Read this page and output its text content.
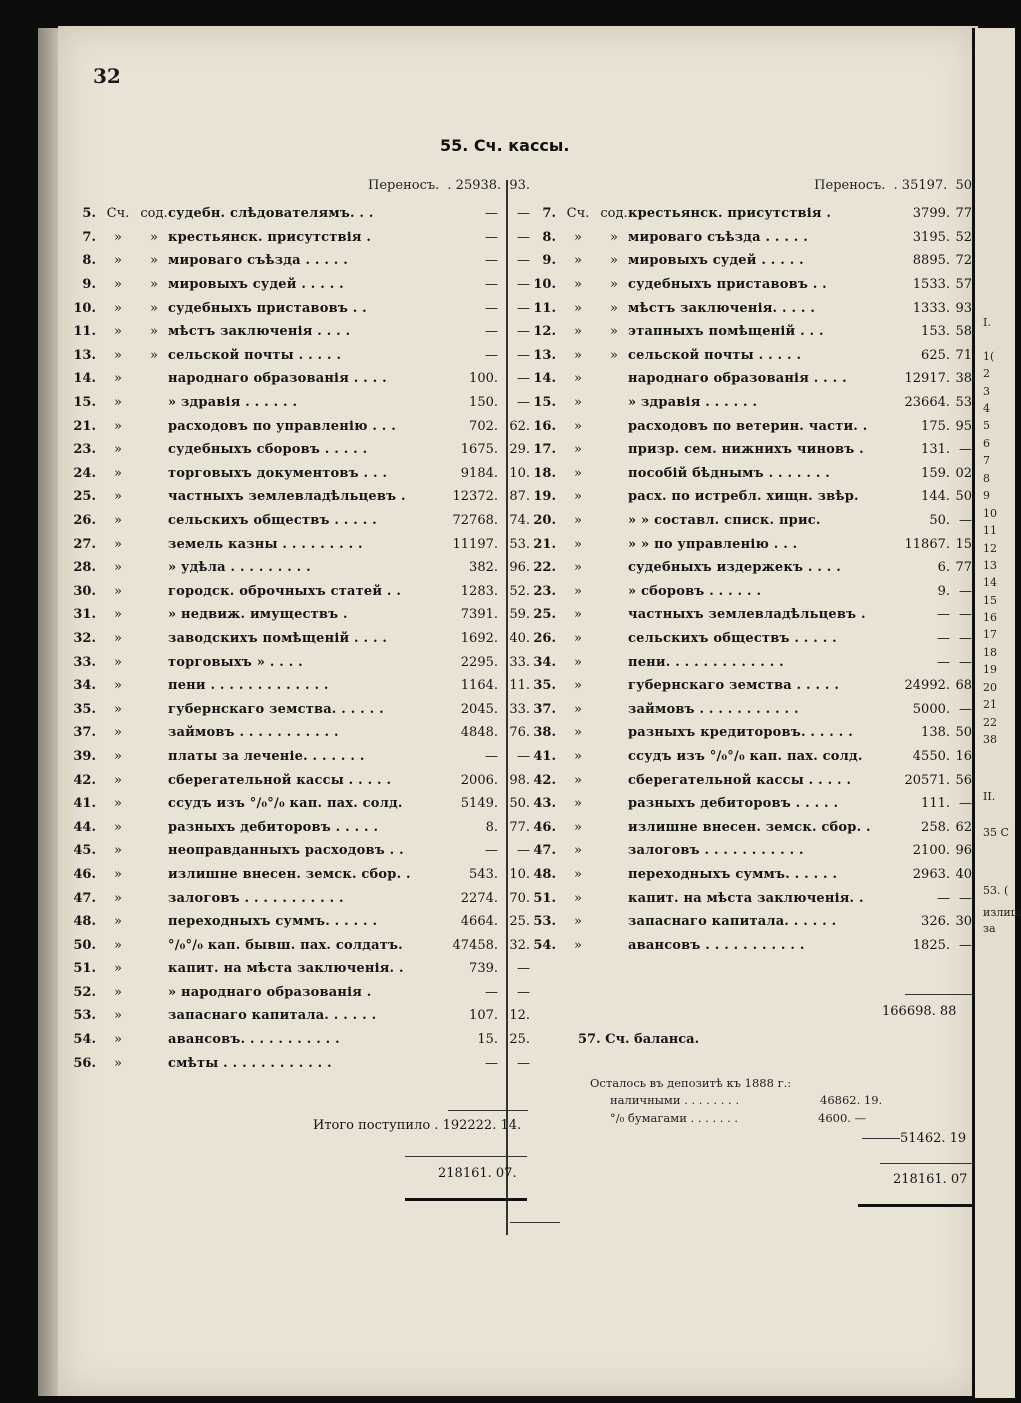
32
55. Сч. кассы.
Переносъ. . 25938. 93.
5. Сч. сод. судебн. слѣдователямъ. . .	—	—
7.	»	» крестьянск. присутствія .	—	—
8.	»	» мироваго съѣзда . . . . .	—	—
9.	»	» мировыхъ судей . . . . .	—	—
10.	»	» судебныхъ приставовъ . .	—	—
11.	»	» мѣстъ заключенія . . . .	—	—
13.	»	» сельской почты . . . . .	—	—
14.	»	народнаго образованія . . . .	100.	—
15.	»	» здравія . . . . . .	150.	—
21.	»	расходовъ по управленію . . .	702. 62.
23.	»	судебныхъ сборовъ . . . . .	1675. 29.
24.	»	торговыхъ документовъ . . .	9184. 10.
25.	»	частныхъ землевладѣльцевъ .	12372. 87.
26.	»	сельскихъ обществъ . . . . .	72768. 74.
27.	»	земель казны . . . . . . . . .	11197. 53.
28.	»	» удѣла . . . . . . . . .	382. 96.
30.	»	городск. оброчныхъ статей . .	1283. 52.
31.	»	» недвиж. имуществъ .	7391. 59.
32.	»	заводскихъ помѣщеній . . . .	1692. 40.
33.	»	торговыхъ » . . . .	2295. 33.
34.	»	пени . . . . . . . . . . . . .	1164. 11.
35.	»	губернскаго земства. . . . . .	2045. 33.
37.	»	займовъ . . . . . . . . . . .	4848. 76.
39.	»	платы за леченіе. . . . . . .	—	—
42.	»	сберегательной кассы . . . . .	2006. 98.
41.	»	ссудъ изъ °/₀°/₀ кап. пах. солд.	5149. 50.
44.	»	разныхъ дебиторовъ . . . . .	8. 77.
45.	»	неоправданныхъ расходовъ . .	—	—
46.	»	излишне внесен. земск. сбор. .	543. 10.
47.	»	залоговъ . . . . . . . . . . .	2274. 70.
48.	»	переходныхъ суммъ. . . . . .	4664. 25.
50.	»	°/₀°/₀ кап. бывш. пах. солдатъ.	47458. 32.
51.	»	капит. на мѣста заключенія. .	739.	—
52.	»	» народнаго образованія .	—	—
53.	»	запаснаго капитала. . . . . .	107. 12.
54.	»	авансовъ. . . . . . . . . . .	15. 25.
56.	»	смѣты . . . . . . . . . . . .	—	—
Итого поступило . 192222. 14.
218161. 07.
Переносъ. . 35197. 50
7. Сч. сод. крестьянск. присутствія .	3799. 77
8.	»	» мироваго съѣзда . . . . .	3195. 52
9.	»	» мировыхъ судей . . . . .	8895. 72
10.	»	» судебныхъ приставовъ . .	1533. 57
11.	»	» мѣстъ заключенія. . . . .	1333. 93
12.	»	» этапныхъ помѣщеній . . .	153. 58
13.	»	» сельской почты . . . . .	625. 71
14.	»	народнаго образованія . . . .	12917. 38
15.	»	» здравія . . . . . .	23664. 53
16.	»	расходовъ по ветерин. части. .	175. 95
17.	»	призр. сем. нижнихъ чиновъ .	131. —
18.	»	пособій бѣднымъ . . . . . . .	159. 02
19.	»	расх. по истребл. хищн. звѣр.	144. 50
20.	»	» » составл. списк. прис.	50. —
21.	»	» » по управленію . . .	11867. 15
22.	»	судебныхъ издержекъ . . . .	6. 77
23.	»	» сборовъ . . . . . .	9. —
25.	»	частныхъ землевладѣльцевъ .	— —
26.	»	сельскихъ обществъ . . . . .	— —
34.	»	пени. . . . . . . . . . . . .	— —
35.	»	губернскаго земства . . . . .	24992. 68
37.	»	займовъ . . . . . . . . . . .	5000. —
38.	»	разныхъ кредиторовъ. . . . . .	138. 50
41.	»	ссудъ изъ °/₀°/₀ кап. пах. солд.	4550. 16
42.	»	сберегательной кассы . . . . .	20571. 56
43.	»	разныхъ дебиторовъ . . . . .	111. —
46.	»	излишне внесен. земск. сбор. .	258. 62
47.	»	залоговъ . . . . . . . . . . .	2100. 96
48.	»	переходныхъ суммъ. . . . . .	2963. 40
51.	»	капит. на мѣста заключенія. .	— —
53.	»	запаснаго капитала. . . . . .	326. 30
54.	»	авансовъ . . . . . . . . . . .	1825. —
166698. 88
57. Сч. баланса.
Осталось въ депозитѣ къ 1888 г.:
наличными . . . . . . . .	46862. 19.
°/₀ бумагами . . . . . . .	4600. —
51462. 19
218161. 07
I.
1(
2
3
4
5
6
7
8
9
10
11
12
13
14
15
16
17
18
19
20
21
22
38
II.
35 С
53. (
излиш
за
